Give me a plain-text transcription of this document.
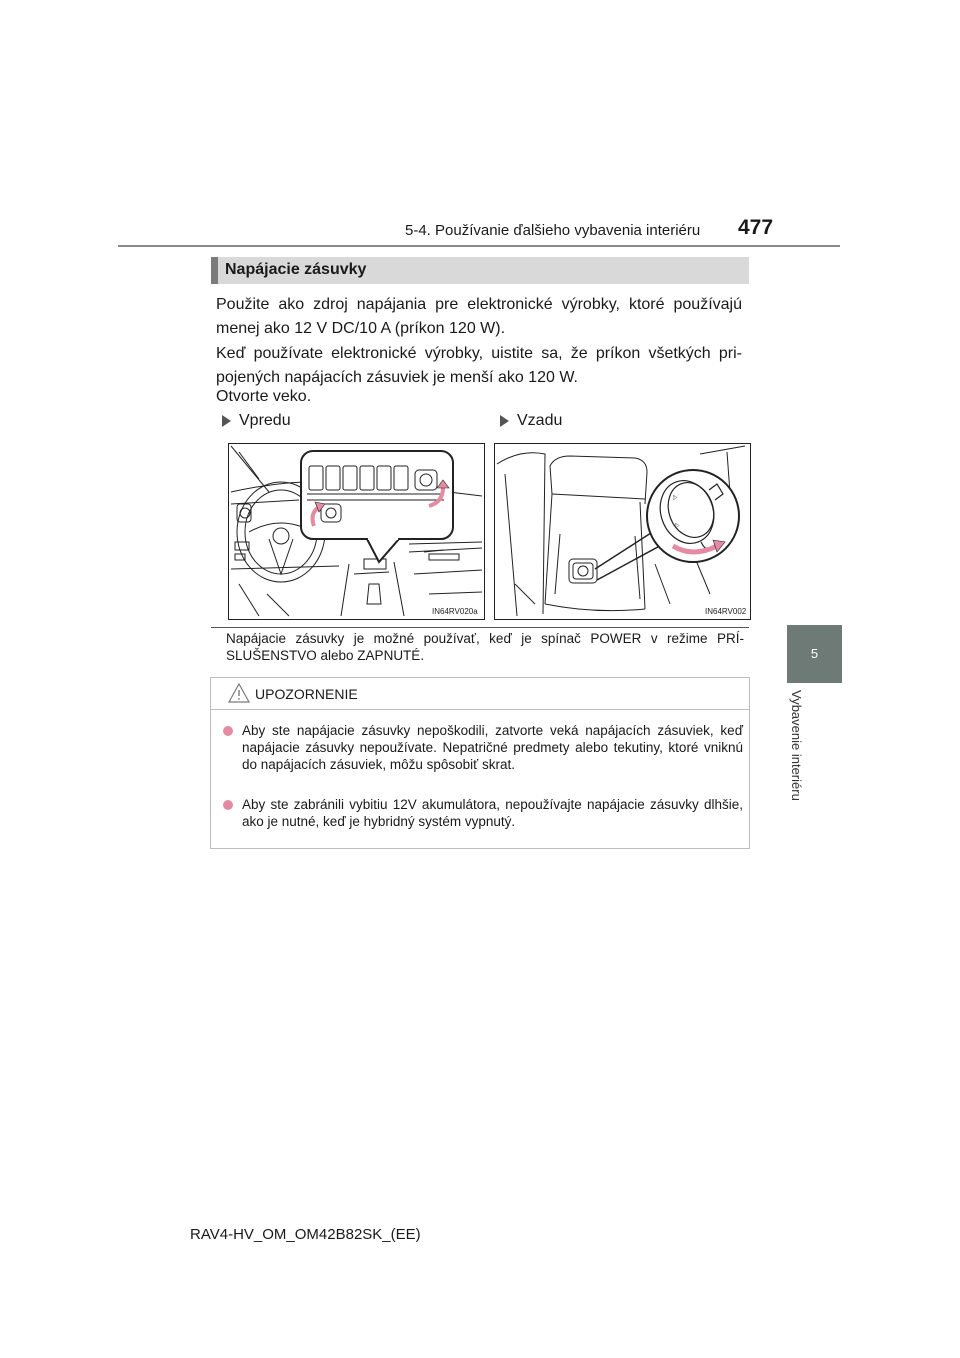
5-4. Používanie ďalšieho vybavenia interiéru 477
5
Vybavenie interiéru
Napájacie zásuvky
Použite ako zdroj napájania pre elektronické výrobky, ktoré používajú menej ako 12 V DC/10 A (príkon 120 W).
Keď používate elektronické výrobky, uistite sa, že príkon všetkých pri-pojených napájacích zásuviek je menší ako 120 W.
Otvorte veko.
Vpredu	Vzadu
IN64RV020a
⚠
⚠
IN64RV002
Napájacie zásuvky je možné používať, keď je spínač POWER v režime PRÍ-SLUŠENSTVO alebo ZAPNUTÉ.
UPOZORNENIE
Aby ste napájacie zásuvky nepoškodili, zatvorte veká napájacích zásuviek, keď napájacie zásuvky nepoužívate. Nepatričné predmety alebo tekutiny, ktoré vniknú do napájacích zásuviek, môžu spôsobiť skrat.
Aby ste zabránili vybitiu 12V akumulátora, nepoužívajte napájacie zásuvky dlhšie, ako je nutné, keď je hybridný systém vypnutý.
RAV4-HV_OM_OM42B82SK_(EE)
